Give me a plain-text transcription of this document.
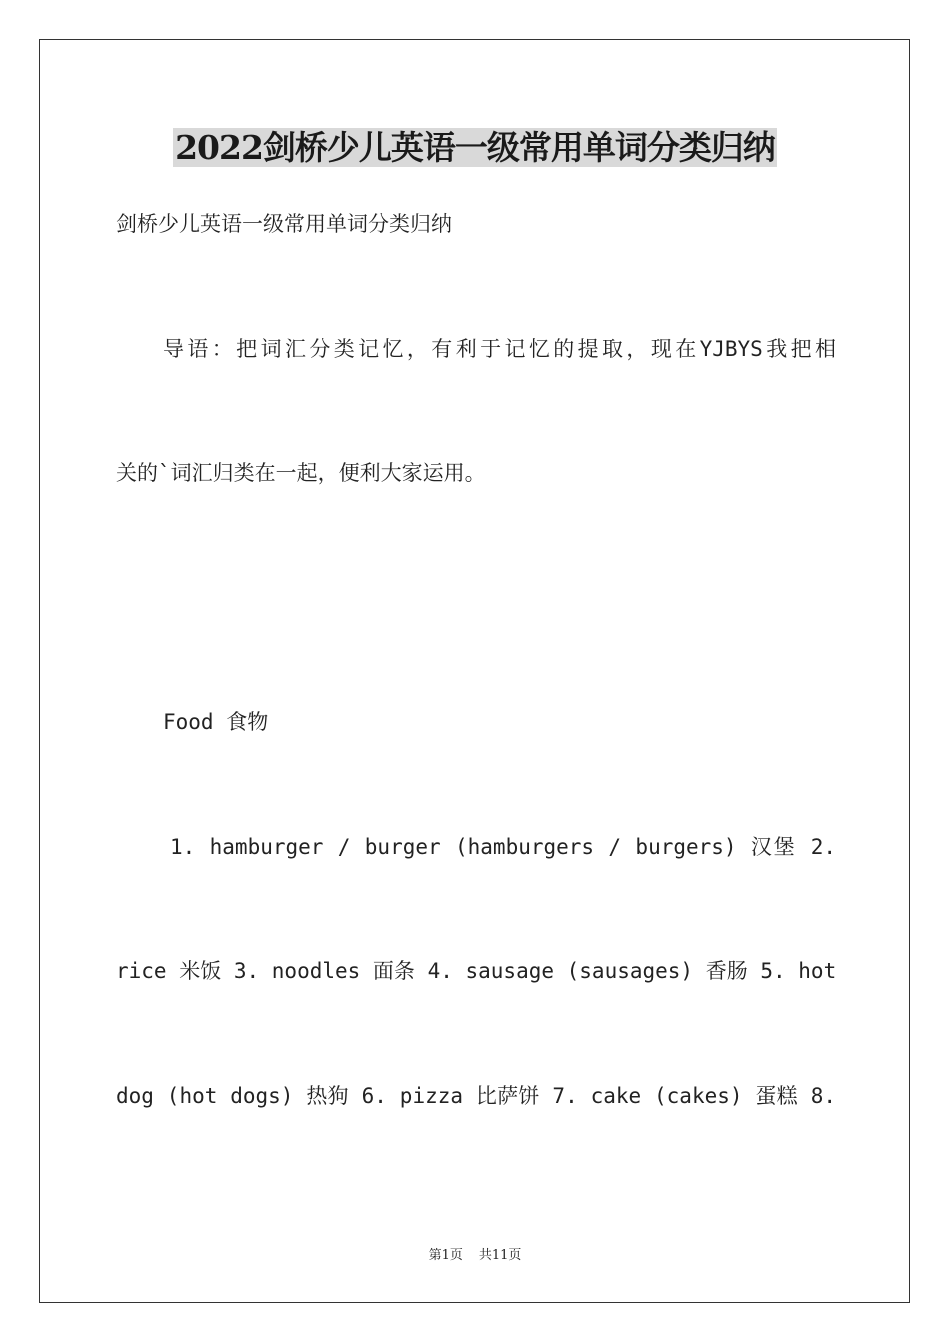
2022剑桥少儿英语一级常用单词分类归纳
剑桥少儿英语一级常用单词分类归纳
导语：把词汇分类记忆，有利于记忆的提取，现在YJBYS我把相
关的`词汇归类在一起，便利大家运用。
Food 食物
1. hamburger / burger (hamburgers / burgers) 汉堡 2.
rice 米饭 3. noodles 面条 4. sausage (sausages) 香肠 5. hot
dog (hot dogs) 热狗 6. pizza 比萨饼 7. cake (cakes) 蛋糕 8.
第1页 共11页
